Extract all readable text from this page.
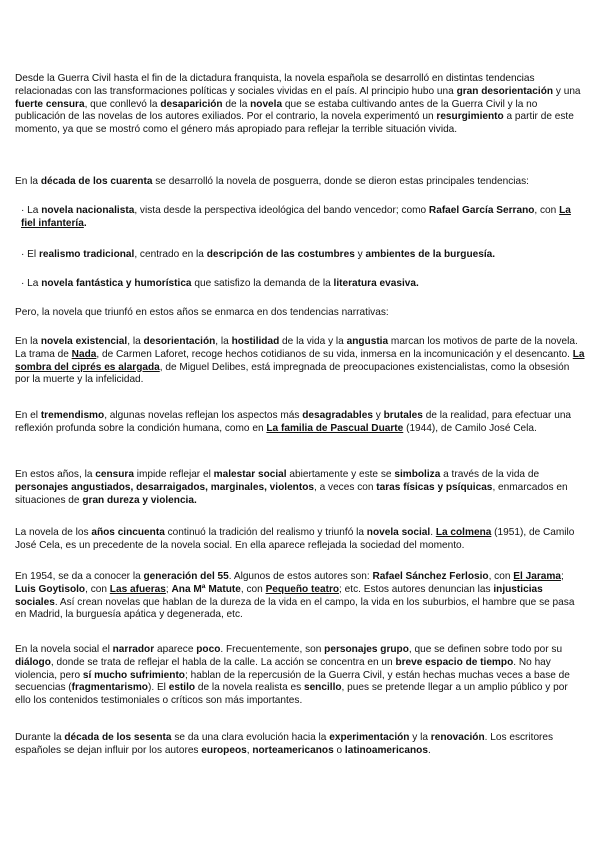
Desde la Guerra Civil hasta el fin de la dictadura franquista, la novela española se desarrolló en distintas tendencias relacionadas con las transformaciones políticas y sociales vividas en el país. Al principio hubo una gran desorientación y una fuerte censura, que conllevó la desaparición de la novela que se estaba cultivando antes de la Guerra Civil y la no publicación de las novelas de los autores exiliados. Por el contrario, la novela experimentó un resurgimiento a partir de este momento, ya que se mostró como el género más apropiado para reflejar la terrible situación vivida.
En la década de los cuarenta se desarrolló la novela de posguerra, donde se dieron estas principales tendencias:
· La novela nacionalista, vista desde la perspectiva ideológica del bando vencedor; como Rafael García Serrano, con La fiel infantería.
· El realismo tradicional, centrado en la descripción de las costumbres y ambientes de la burguesía.
· La novela fantástica y humorística que satisfizo la demanda de la literatura evasiva.
Pero, la novela que triunfó en estos años se enmarca en dos tendencias narrativas:
En la novela existencial, la desorientación, la hostilidad de la vida y la angustia marcan los motivos de parte de la novela. La trama de Nada, de Carmen Laforet, recoge hechos cotidianos de su vida, inmersa en la incomunicación y el desencanto. La sombra del ciprés es alargada, de Miguel Delibes, está impregnada de preocupaciones existencialistas, como la obsesión por la muerte y la infelicidad.
En el tremendismo, algunas novelas reflejan los aspectos más desagradables y brutales de la realidad, para efectuar una reflexión profunda sobre la condición humana, como en La familia de Pascual Duarte (1944), de Camilo José Cela.
En estos años, la censura impide reflejar el malestar social abiertamente y este se simboliza a través de la vida de personajes angustiados, desarraigados, marginales, violentos, a veces con taras físicas y psíquicas, enmarcados en situaciones de gran dureza y violencia.
La novela de los años cincuenta continuó la tradición del realismo y triunfó la novela social. La colmena (1951), de Camilo José Cela, es un precedente de la novela social. En ella aparece reflejada la sociedad del momento.
En 1954, se da a conocer la generación del 55. Algunos de estos autores son: Rafael Sánchez Ferlosio, con El Jarama; Luis Goytisolo, con Las afueras; Ana Mª Matute, con Pequeño teatro; etc. Estos autores denuncian las injusticias sociales. Así crean novelas que hablan de la dureza de la vida en el campo, la vida en los suburbios, el hambre que se pasa en Madrid, la burguesía apática y degenerada, etc.
En la novela social el narrador aparece poco. Frecuentemente, son personajes grupo, que se definen sobre todo por su diálogo, donde se trata de reflejar el habla de la calle. La acción se concentra en un breve espacio de tiempo. No hay violencia, pero sí mucho sufrimiento; hablan de la repercusión de la Guerra Civil, y están hechas muchas veces a base de secuencias (fragmentarismo). El estilo de la novela realista es sencillo, pues se pretende llegar a un amplio público y por ello los contenidos testimoniales o críticos son más importantes.
Durante la década de los sesenta se da una clara evolución hacia la experimentación y la renovación. Los escritores españoles se dejan influir por los autores europeos, norteamericanos o latinoamericanos.
